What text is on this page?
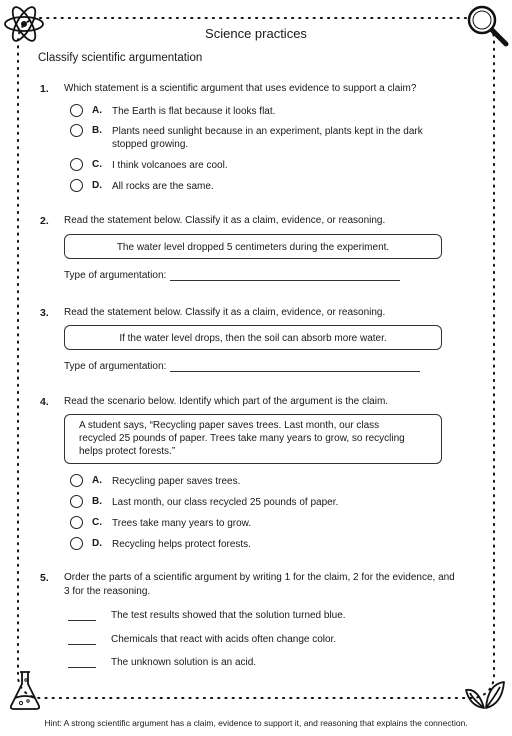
Science practices
Classify scientific argumentation
1. Which statement is a scientific argument that uses evidence to support a claim?
A. The Earth is flat because it looks flat.
B. Plants need sunlight because in an experiment, plants kept in the dark stopped growing.
C. I think volcanoes are cool.
D. All rocks are the same.
2. Read the statement below. Classify it as a claim, evidence, or reasoning.
The water level dropped 5 centimeters during the experiment.
Type of argumentation:
3. Read the statement below. Classify it as a claim, evidence, or reasoning.
If the water level drops, then the soil can absorb more water.
Type of argumentation:
4. Read the scenario below. Identify which part of the argument is the claim.
A student says, “Recycling paper saves trees. Last month, our class recycled 25 pounds of paper. Trees take many years to grow, so recycling helps protect forests.”
A. Recycling paper saves trees.
B. Last month, our class recycled 25 pounds of paper.
C. Trees take many years to grow.
D. Recycling helps protect forests.
5. Order the parts of a scientific argument by writing 1 for the claim, 2 for the evidence, and 3 for the reasoning.
The test results showed that the solution turned blue.
Chemicals that react with acids often change color.
The unknown solution is an acid.
Hint: A strong scientific argument has a claim, evidence to support it, and reasoning that explains the connection.
